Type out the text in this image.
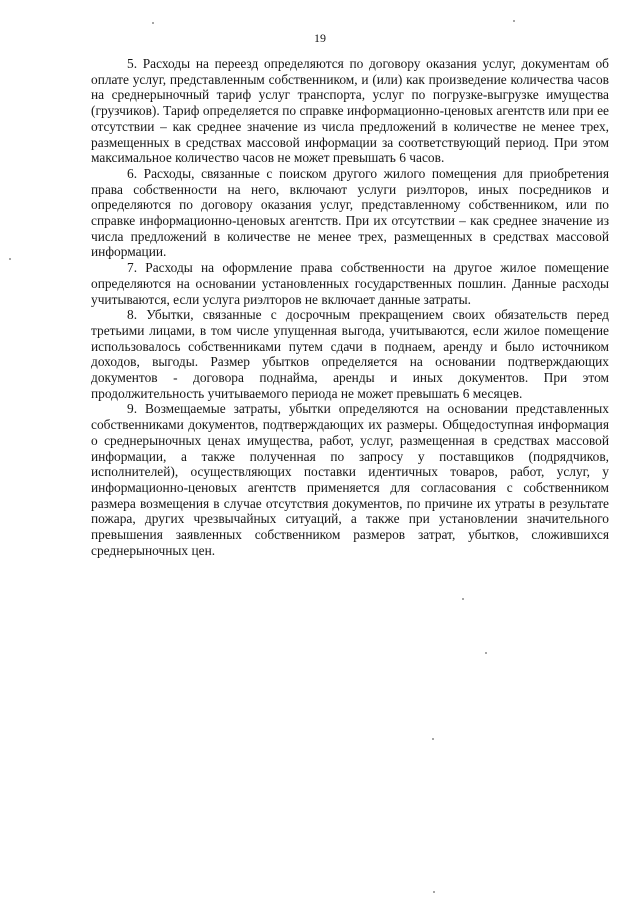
19

5. Расходы на переезд определяются по договору оказания услуг, документам об оплате услуг, представленным собственником, и (или) как произведение количества часов на среднерыночный тариф услуг транспорта, услуг по погрузке-выгрузке имущества (грузчиков). Тариф определяется по справке информационно-ценовых агентств или при ее отсутствии – как среднее значение из числа предложений в количестве не менее трех, размещенных в средствах массовой информации за соответствующий период. При этом максимальное количество часов не может превышать 6 часов.

6. Расходы, связанные с поиском другого жилого помещения для приобретения права собственности на него, включают услуги риэлторов, иных посредников и определяются по договору оказания услуг, представленному собственником, или по справке информационно-ценовых агентств. При их отсутствии – как среднее значение из числа предложений в количестве не менее трех, размещенных в средствах массовой информации.

7. Расходы на оформление права собственности на другое жилое помещение определяются на основании установленных государственных пошлин. Данные расходы учитываются, если услуга риэлторов не включает данные затраты.

8. Убытки, связанные с досрочным прекращением своих обязательств перед третьими лицами, в том числе упущенная выгода, учитываются, если жилое помещение использовалось собственниками путем сдачи в поднаем, аренду и было источником доходов, выгоды. Размер убытков определяется на основании подтверждающих документов - договора поднайма, аренды и иных документов. При этом продолжительность учитываемого периода не может превышать 6 месяцев.

9. Возмещаемые затраты, убытки определяются на основании представленных собственниками документов, подтверждающих их размеры. Общедоступная информация о среднерыночных ценах имущества, работ, услуг, размещенная в средствах массовой информации, а также полученная по запросу у поставщиков (подрядчиков, исполнителей), осуществляющих поставки идентичных товаров, работ, услуг, у информационно-ценовых агентств применяется для согласования с собственником размера возмещения в случае отсутствия документов, по причине их утраты в результате пожара, других чрезвычайных ситуаций, а также при установлении значительного превышения заявленных собственником размеров затрат, убытков, сложившихся среднерыночных цен.
